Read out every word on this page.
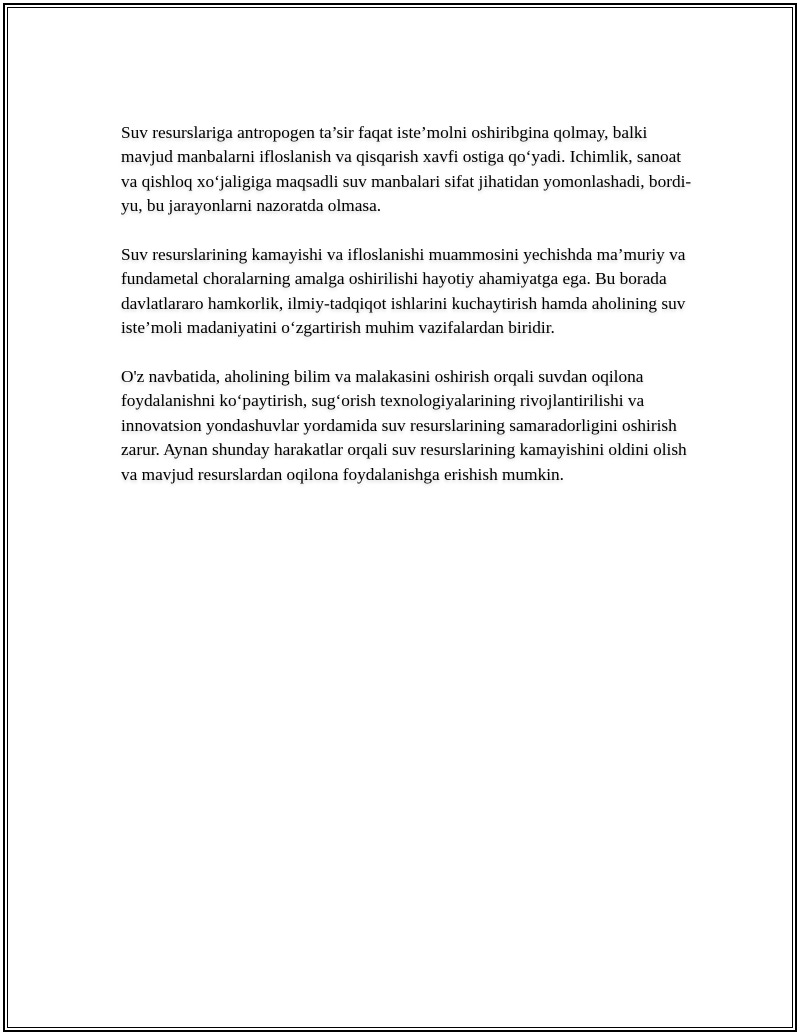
Suv resurslariga antropogen ta’sir faqat iste’molni oshiribgina qolmay, balki mavjud manbalarni ifloslanish va qisqarish xavfi ostiga qo‘yadi. Ichimlik, sanoat va qishloq xo‘jaligiga maqsadli suv manbalari sifat jihatidan yomonlashadi, bordi-yu, bu jarayonlarni nazoratda olmasa.

Suv resurslarining kamayishi va ifloslanishi muammosini yechishda ma’muriy va fundametal choralarning amalga oshirilishi hayotiy ahamiyatga ega. Bu borada davlatlararo hamkorlik, ilmiy-tadqiqot ishlarini kuchaytirish hamda aholining suv iste’moli madaniyatini o‘zgartirish muhim vazifalardan biridir.

O'z navbatida, aholining bilim va malakasini oshirish orqali suvdan oqilona foydalanishni ko‘paytirish, sug‘orish texnologiyalarining rivojlantirilishi va innovatsion yondashuvlar yordamida suv resurslarining samaradorligini oshirish zarur. Aynan shunday harakatlar orqali suv resurslarining kamayishini oldini olish va mavjud resurslardan oqilona foydalanishga erishish mumkin.
